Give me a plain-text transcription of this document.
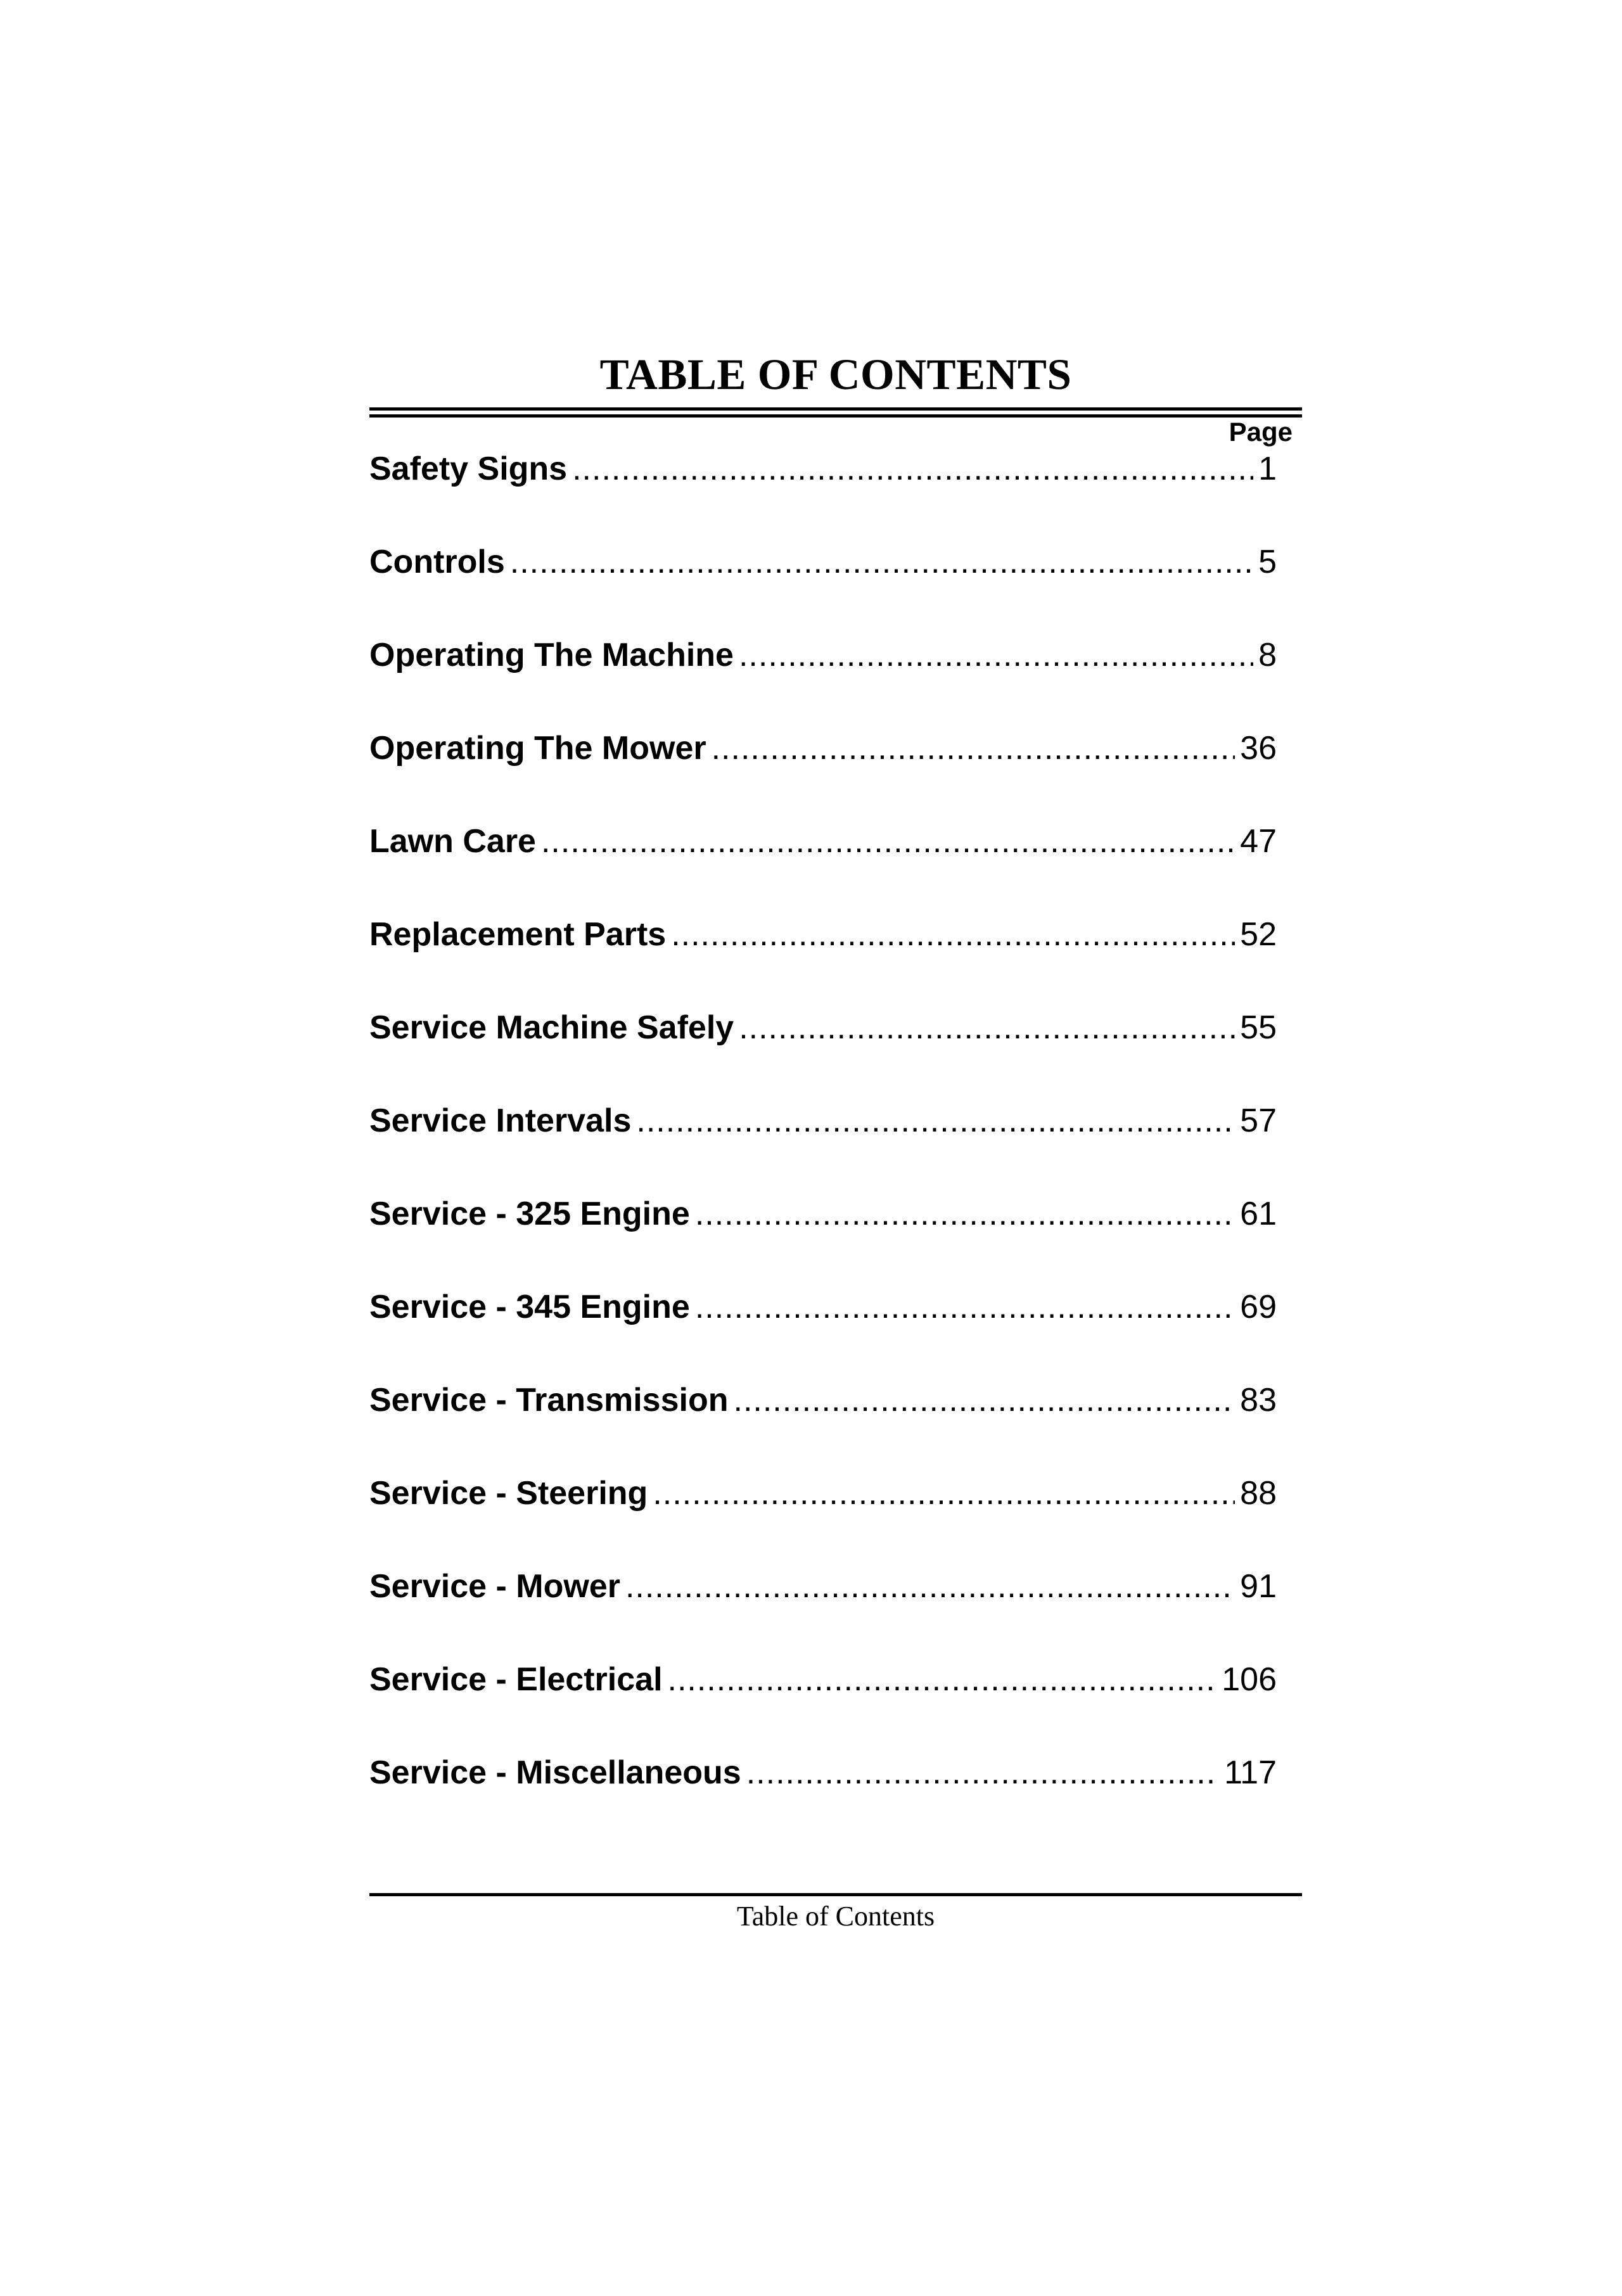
TABLE OF CONTENTS
Page
Safety Signs .....	1
Controls .....	5
Operating The Machine .....	8
Operating The Mower .....	36
Lawn Care .....	47
Replacement Parts .....	52
Service Machine Safely .....	55
Service Intervals .....	57
Service - 325 Engine .....	61
Service - 345 Engine .....	69
Service - Transmission .....	83
Service - Steering .....	88
Service - Mower .....	91
Service - Electrical .....	106
Service - Miscellaneous .....	117
Table of Contents
